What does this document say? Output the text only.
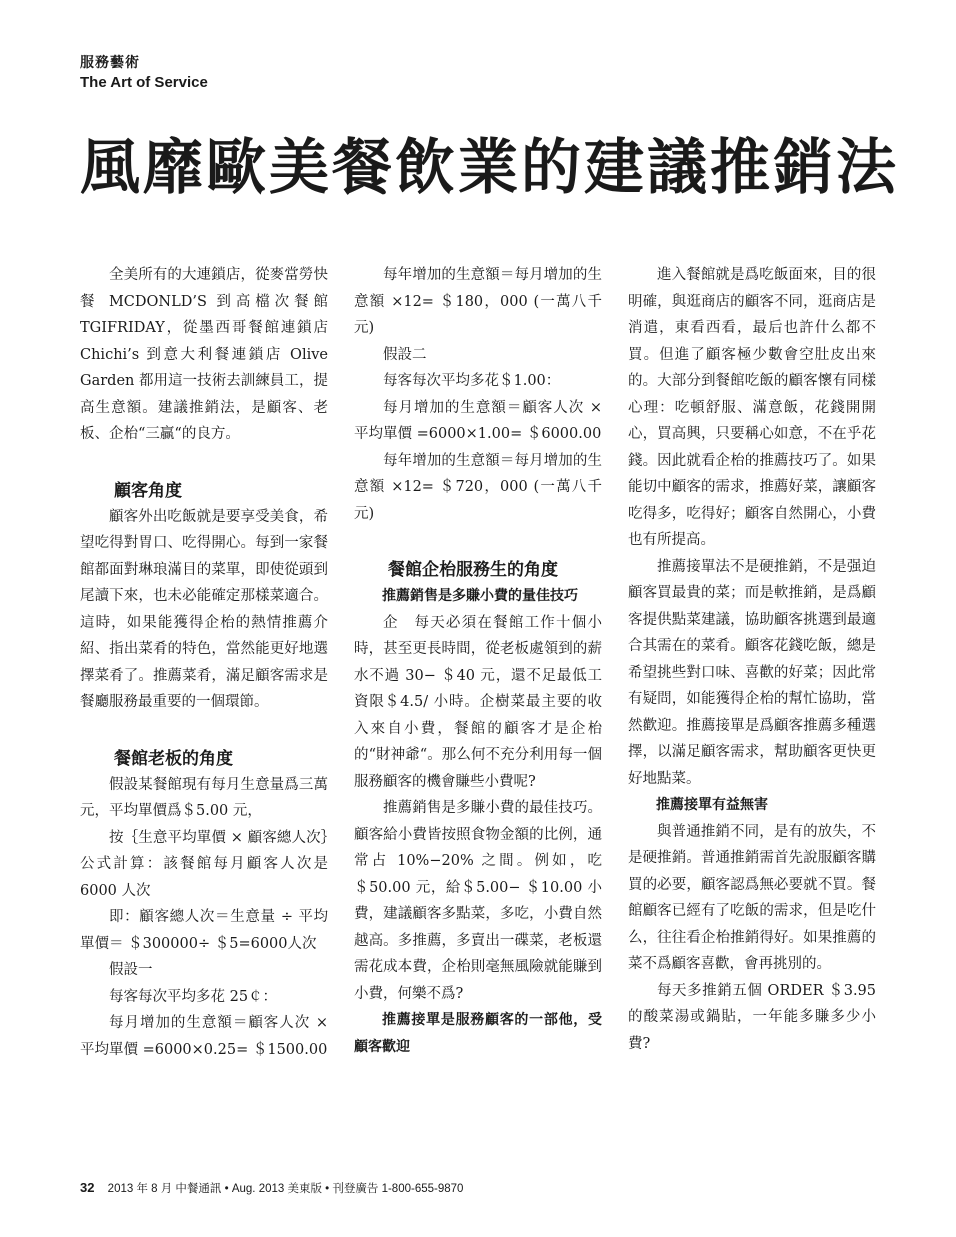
服務藝術
The Art of Service
風靡歐美餐飲業的建議推銷法

全美所有的大連鎖店，從麥當勞快餐 MCDONLD’S 到高檔次餐館 TGIFRIDAY，從墨西哥餐館連鎖店 Chichi’s 到意大利餐連鎖店 Olive Garden 都用這一技術去訓練員工，提高生意額。建議推銷法，是顧客、老板、企枱“三贏“的良方。

顧客角度

顧客外出吃飯就是要享受美食，希望吃得對胃口、吃得開心。每到一家餐館都面對琳琅滿目的菜單，即使從頭到尾讀下來，也未必能確定那樣菜適合。這時，如果能獲得企枱的熱情推薦介紹、指出菜肴的特色，當然能更好地選擇菜肴了。推薦菜肴，滿足顧客需求是餐廳服務最重要的一個環節。

餐館老板的角度

假設某餐館現有每月生意量爲三萬元，平均單價爲＄5.00 元，

按｛生意平均單價 × 顧客總人次｝公式計算：該餐館每月顧客人次是 6000 人次

即：顧客總人次＝生意量 ÷ 平均單價＝ ＄300000÷ ＄5=6000人次

假設一

每客每次平均多花 25￠：

每月增加的生意額＝顧客人次 × 平均單價 =6000×0.25= ＄1500.00

每年增加的生意額＝每月增加的生意額 ×12= ＄180，000 (一萬八千元)

假設二

每客每次平均多花＄1.00：

每月增加的生意額＝顧客人次 × 平均單價 =6000×1.00= ＄6000.00

每年增加的生意額＝每月增加的生意額 ×12= ＄720，000 (一萬八千元)

餐館企枱服務生的角度

推薦銷售是多賺小費的量佳技巧

企　每天必須在餐館工作十個小時，甚至更長時間，從老板處領到的薪水不過 30− ＄40 元，還不足最低工資限＄4.5/ 小時。企樹菜最主要的收入來自小費，餐館的顧客才是企枱的“財神爺“。那么何不充分利用每一個服務顧客的機會賺些小費呢?

推薦銷售是多賺小費的最佳技巧。顧客給小費皆按照食物金額的比例，通常占 10%−20% 之間。例如，吃＄50.00 元，給＄5.00− ＄10.00 小費，建議顧客多點菜，多吃，小費自然越高。多推薦，多賣出一碟菜，老板還需花成本費，企枱則毫無風險就能賺到小費，何樂不爲?

推薦接單是服務顧客的一部他，受顧客歡迎

進入餐館就是爲吃飯面來，目的很明確，與逛商店的顧客不同，逛商店是消遣，東看西看，最后也許什么都不買。但進了顧客極少數會空肚皮出來的。大部分到餐館吃飯的顧客懷有同樣心理：吃頓舒服、滿意飯，花錢開開心，買高興，只要稱心如意，不在乎花錢。因此就看企枱的推薦技巧了。如果能切中顧客的需求，推薦好菜，讓顧客吃得多，吃得好；顧客自然開心，小費也有所提高。

推薦接單法不是硬推銷，不是强迫顧客買最貴的菜；而是軟推銷，是爲顧客提供點菜建議，協助顧客挑選到最適合其需在的菜肴。顧客花錢吃飯，總是希望挑些對口味、喜歡的好菜；因此常有疑問，如能獲得企枱的幫忙協助，當然歡迎。推薦接單是爲顧客推薦多種選擇，以滿足顧客需求，幫助顧客更快更好地點菜。

推薦接單有益無害

與普通推銷不同，是有的放失，不是硬推銷。普通推銷需首先說服顧客購買的必要，顧客認爲無必要就不買。餐館顧客已經有了吃飯的需求，但是吃什么，往往看企枱推銷得好。如果推薦的菜不爲顧客喜歡，會再挑別的。

每天多推銷五個 ORDER ＄3.95 的酸菜湯或鍋貼，一年能多賺多少小費?

32 2013 年 8 月 中餐通訊 • Aug. 2013 美東版 • 刊登廣告 1-800-655-9870
